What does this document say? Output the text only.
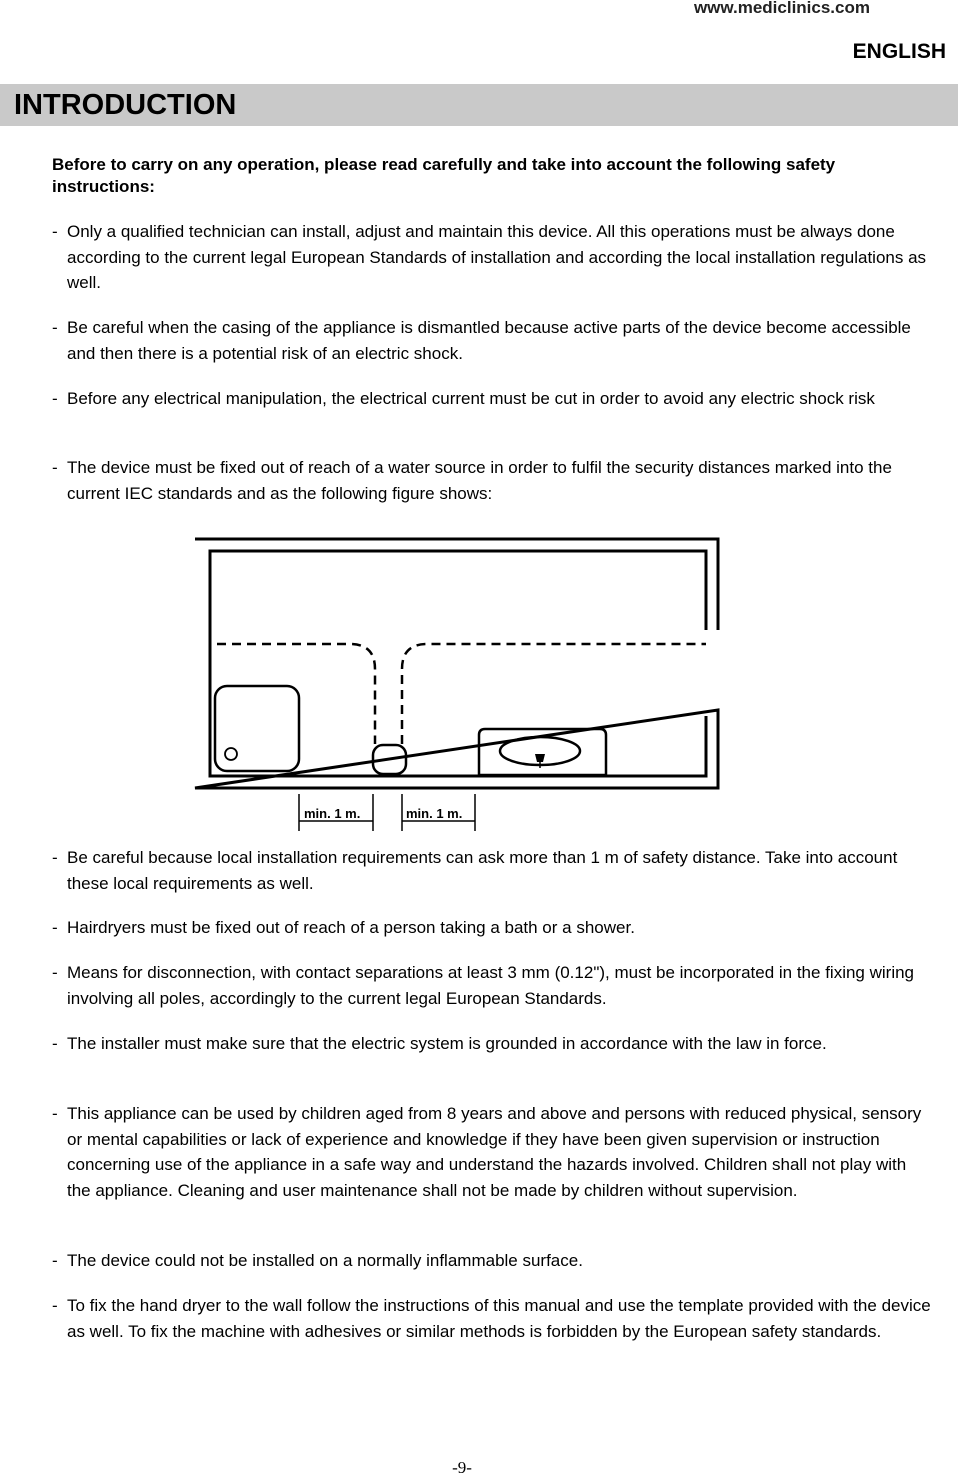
www.mediclinics.com
ENGLISH
INTRODUCTION
Before to carry on any operation, please read carefully and take into account the following safety instructions:
- Only a qualified technician can install, adjust and maintain this device. All this operations must be always done according to the current legal European Standards of installation and according the local installation regulations as well.
- Be careful when the casing of the appliance is dismantled because active parts of the device become accessible and then there is a potential risk of an electric shock.
- Before any electrical manipulation, the electrical current must be cut in order to avoid any electric shock risk
- The device must be fixed out of reach of a water source in order to fulfil the security distances marked into the current IEC standards and as the following figure shows:
min. 1 m.	min. 1 m.
- Be careful because local installation requirements can ask more than 1 m of safety distance. Take into account these local requirements as well.
- Hairdryers must be fixed out of reach of a person taking a bath or a shower.
- Means for disconnection, with contact separations at least 3 mm (0.12"), must be incorporated in the fixing wiring involving all poles, accordingly to the current legal European Standards.
- The installer must make sure that the electric system is grounded in accordance with the law in force.
- This appliance can be used by children aged from 8 years and above and persons with reduced physical, sensory or mental capabilities or lack of experience and knowledge if they have been given supervision or instruction concerning use of the appliance in a safe way and understand the hazards involved. Children shall not play with the appliance. Cleaning and user maintenance shall not be made by children without supervision.
- The device could not be installed on a normally inflammable surface.
- To fix the hand dryer to the wall follow the instructions of this manual and use the template provided with the device as well. To fix the machine with adhesives or similar methods is forbidden by the European safety standards.
-9-
